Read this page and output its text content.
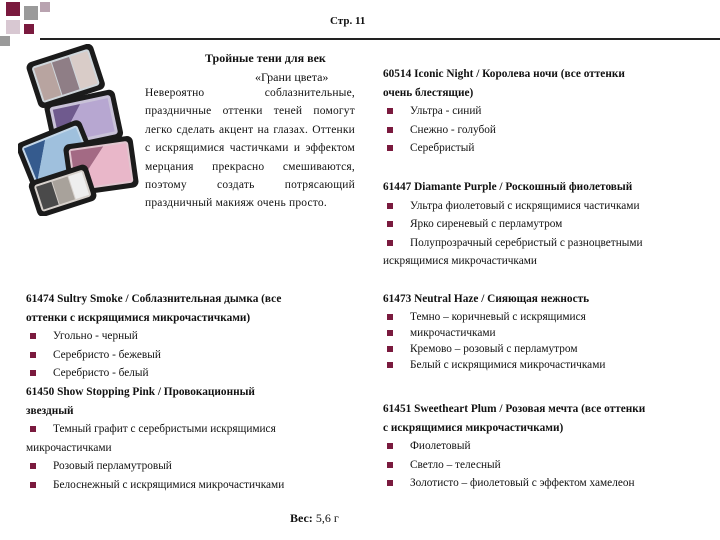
Стр. 11
Тройные тени для век
«Грани цвета»
Невероятно соблазнительные, праздничные оттенки теней помогут легко сделать акцент на глазах. Оттенки с искрящимися частичками и эффектом мерцания прекрасно смешиваются, поэтому создать потрясающий праздничный макияж очень просто.
61474 Sultry Smoke / Соблазнительная дымка (все
оттенки с искрящимися микрочастичками)
Угольно - черный
Серебристо - бежевый
Серебристо - белый
61450 Show Stopping Pink / Провокационный
звездный
Темный графит с серебристыми искрящимися
микрочастичками
Розовый перламутровый
Белоснежный с искрящимися микрочастичками
60514 Iconic Night / Королева ночи (все оттенки
очень блестящие)
Ультра - синий
Снежно - голубой
Серебристый
61447 Diamante Purple / Роскошный фиолетовый
Ультра фиолетовый с искрящимися частичками
Ярко сиреневый с перламутром
Полупрозрачный серебристый с разноцветными
искрящимися микрочастичками
61473 Neutral Haze / Сияющая нежность
Темно – коричневый с искрящимися
микрочастичками
Кремово – розовый с перламутром
Белый с искрящимися микрочастичками
61451 Sweetheart Plum / Розовая мечта (все оттенки
с искрящимися микрочастичками)
Фиолетовый
Светло – телесный
Золотисто – фиолетовый с эффектом хамелеон
Вес: 5,6 г
